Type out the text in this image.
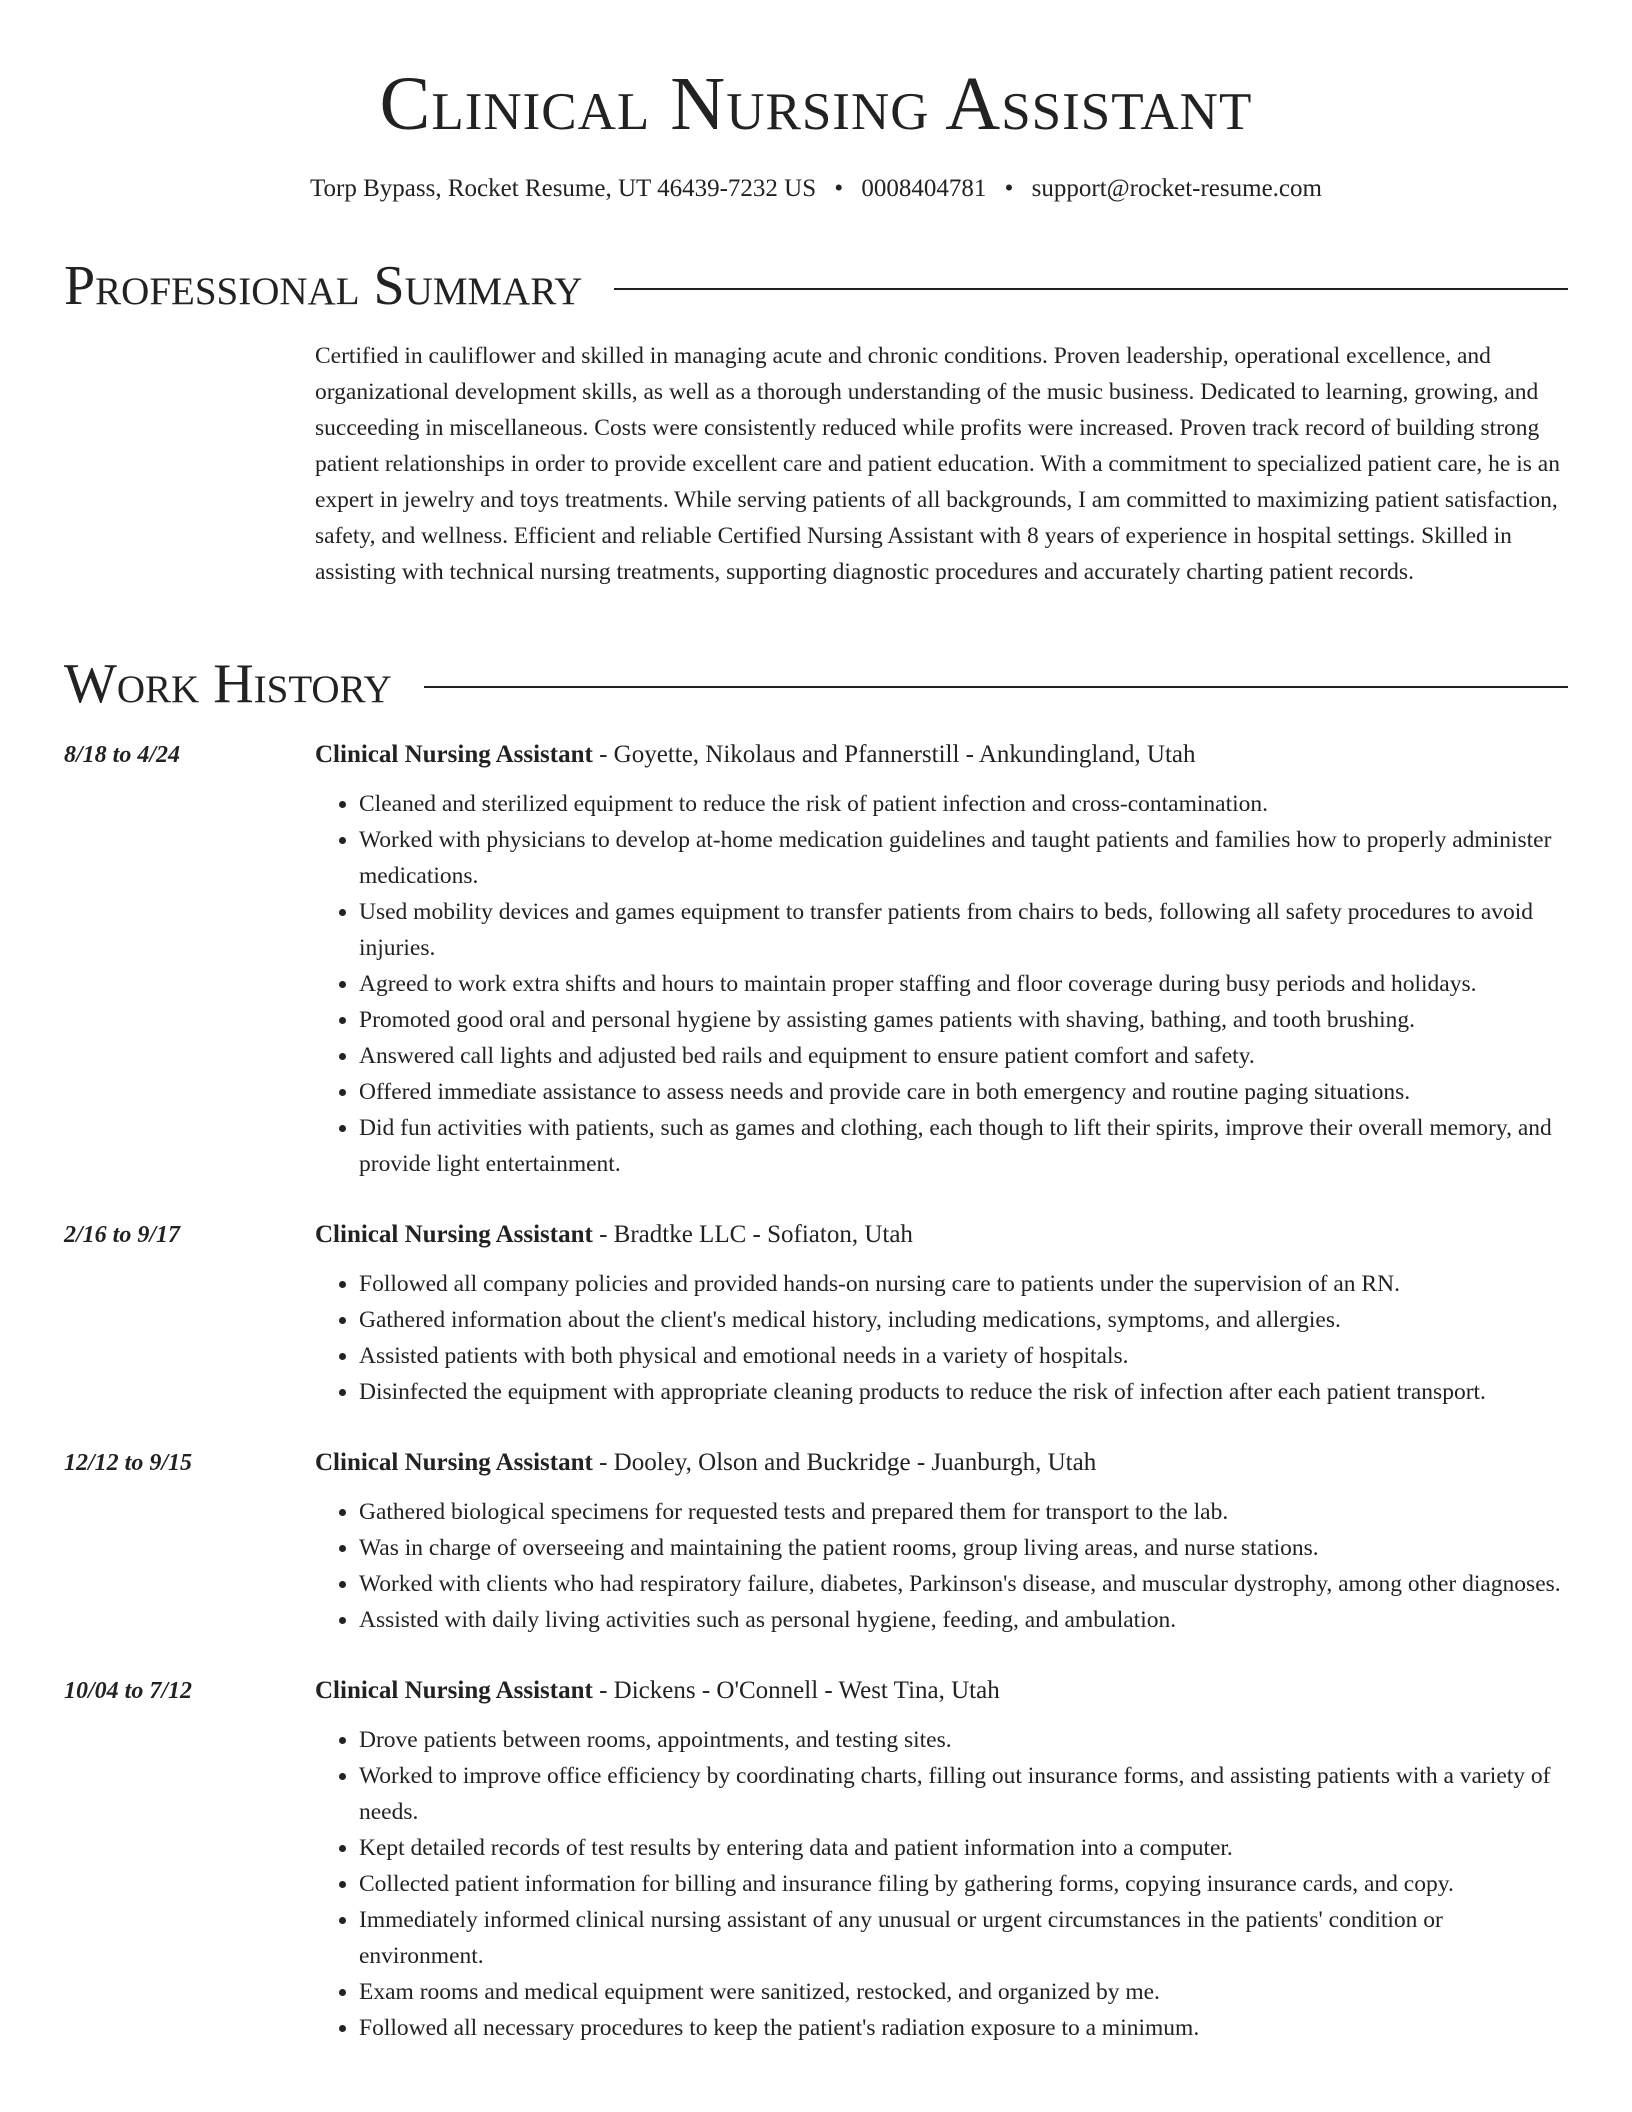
Clinical Nursing Assistant
Torp Bypass, Rocket Resume, UT 46439-7232 US • 0008404781 • support@rocket-resume.com
Professional Summary

Certified in cauliflower and skilled in managing acute and chronic conditions. Proven leadership, operational excellence, and organizational development skills, as well as a thorough understanding of the music business. Dedicated to learning, growing, and succeeding in miscellaneous. Costs were consistently reduced while profits were increased. Proven track record of building strong patient relationships in order to provide excellent care and patient education. With a commitment to specialized patient care, he is an expert in jewelry and toys treatments. While serving patients of all backgrounds, I am committed to maximizing patient satisfaction, safety, and wellness. Efficient and reliable Certified Nursing Assistant with 8 years of experience in hospital settings. Skilled in assisting with technical nursing treatments, supporting diagnostic procedures and accurately charting patient records.

Work History
8/18 to 4/24	Clinical Nursing Assistant - Goyette, Nikolaus and Pfannerstill - Ankundingland, Utah
• Cleaned and sterilized equipment to reduce the risk of patient infection and cross-contamination.
• Worked with physicians to develop at-home medication guidelines and taught patients and families how to properly administer medications.
• Used mobility devices and games equipment to transfer patients from chairs to beds, following all safety procedures to avoid injuries.
• Agreed to work extra shifts and hours to maintain proper staffing and floor coverage during busy periods and holidays.
• Promoted good oral and personal hygiene by assisting games patients with shaving, bathing, and tooth brushing.
• Answered call lights and adjusted bed rails and equipment to ensure patient comfort and safety.
• Offered immediate assistance to assess needs and provide care in both emergency and routine paging situations.
• Did fun activities with patients, such as games and clothing, each though to lift their spirits, improve their overall memory, and provide light entertainment.
2/16 to 9/17	Clinical Nursing Assistant - Bradtke LLC - Sofiaton, Utah
• Followed all company policies and provided hands-on nursing care to patients under the supervision of an RN.
• Gathered information about the client's medical history, including medications, symptoms, and allergies.
• Assisted patients with both physical and emotional needs in a variety of hospitals.
• Disinfected the equipment with appropriate cleaning products to reduce the risk of infection after each patient transport.
12/12 to 9/15	Clinical Nursing Assistant - Dooley, Olson and Buckridge - Juanburgh, Utah
• Gathered biological specimens for requested tests and prepared them for transport to the lab.
• Was in charge of overseeing and maintaining the patient rooms, group living areas, and nurse stations.
• Worked with clients who had respiratory failure, diabetes, Parkinson's disease, and muscular dystrophy, among other diagnoses.
• Assisted with daily living activities such as personal hygiene, feeding, and ambulation.
10/04 to 7/12	Clinical Nursing Assistant - Dickens - O'Connell - West Tina, Utah
• Drove patients between rooms, appointments, and testing sites.
• Worked to improve office efficiency by coordinating charts, filling out insurance forms, and assisting patients with a variety of needs.
• Kept detailed records of test results by entering data and patient information into a computer.
• Collected patient information for billing and insurance filing by gathering forms, copying insurance cards, and copy.
• Immediately informed clinical nursing assistant of any unusual or urgent circumstances in the patients' condition or environment.
• Exam rooms and medical equipment were sanitized, restocked, and organized by me.
• Followed all necessary procedures to keep the patient's radiation exposure to a minimum.
